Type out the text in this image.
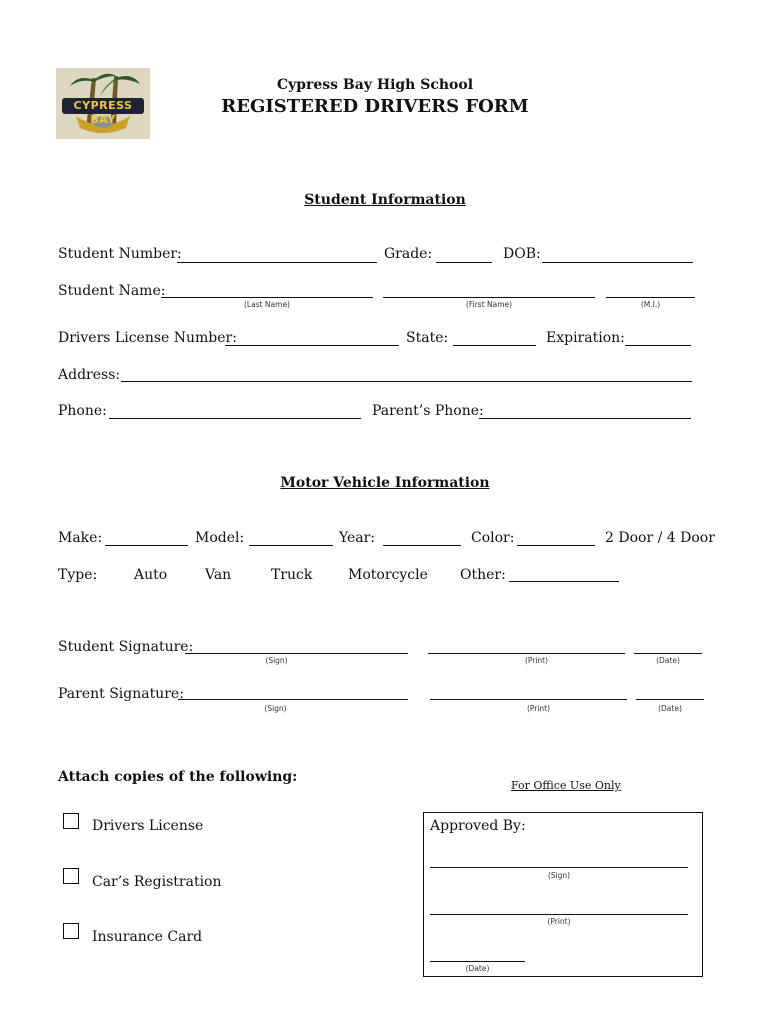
CYPRESS BAY
Cypress Bay High School
REGISTERED DRIVERS FORM
Student Information
Student Number:	Grade:	DOB:
Student Name:
(Last Name)	(First Name)	(M.I.)
Drivers License Number:	State:	Expiration:
Address:
Phone:	Parent’s Phone:
Motor Vehicle Information
Make:	Model:	Year:	Color:	2 Door / 4 Door
Type:	Auto	Van	Truck	Motorcycle Other:
Student Signature:
(Sign)	(Print)	(Date)
Parent Signature:
(Sign)	(Print)	(Date)
Attach copies of the following:
Drivers License
Car’s Registration
Insurance Card
For Office Use Only
Approved By:
(Sign)
(Print)
(Date)
